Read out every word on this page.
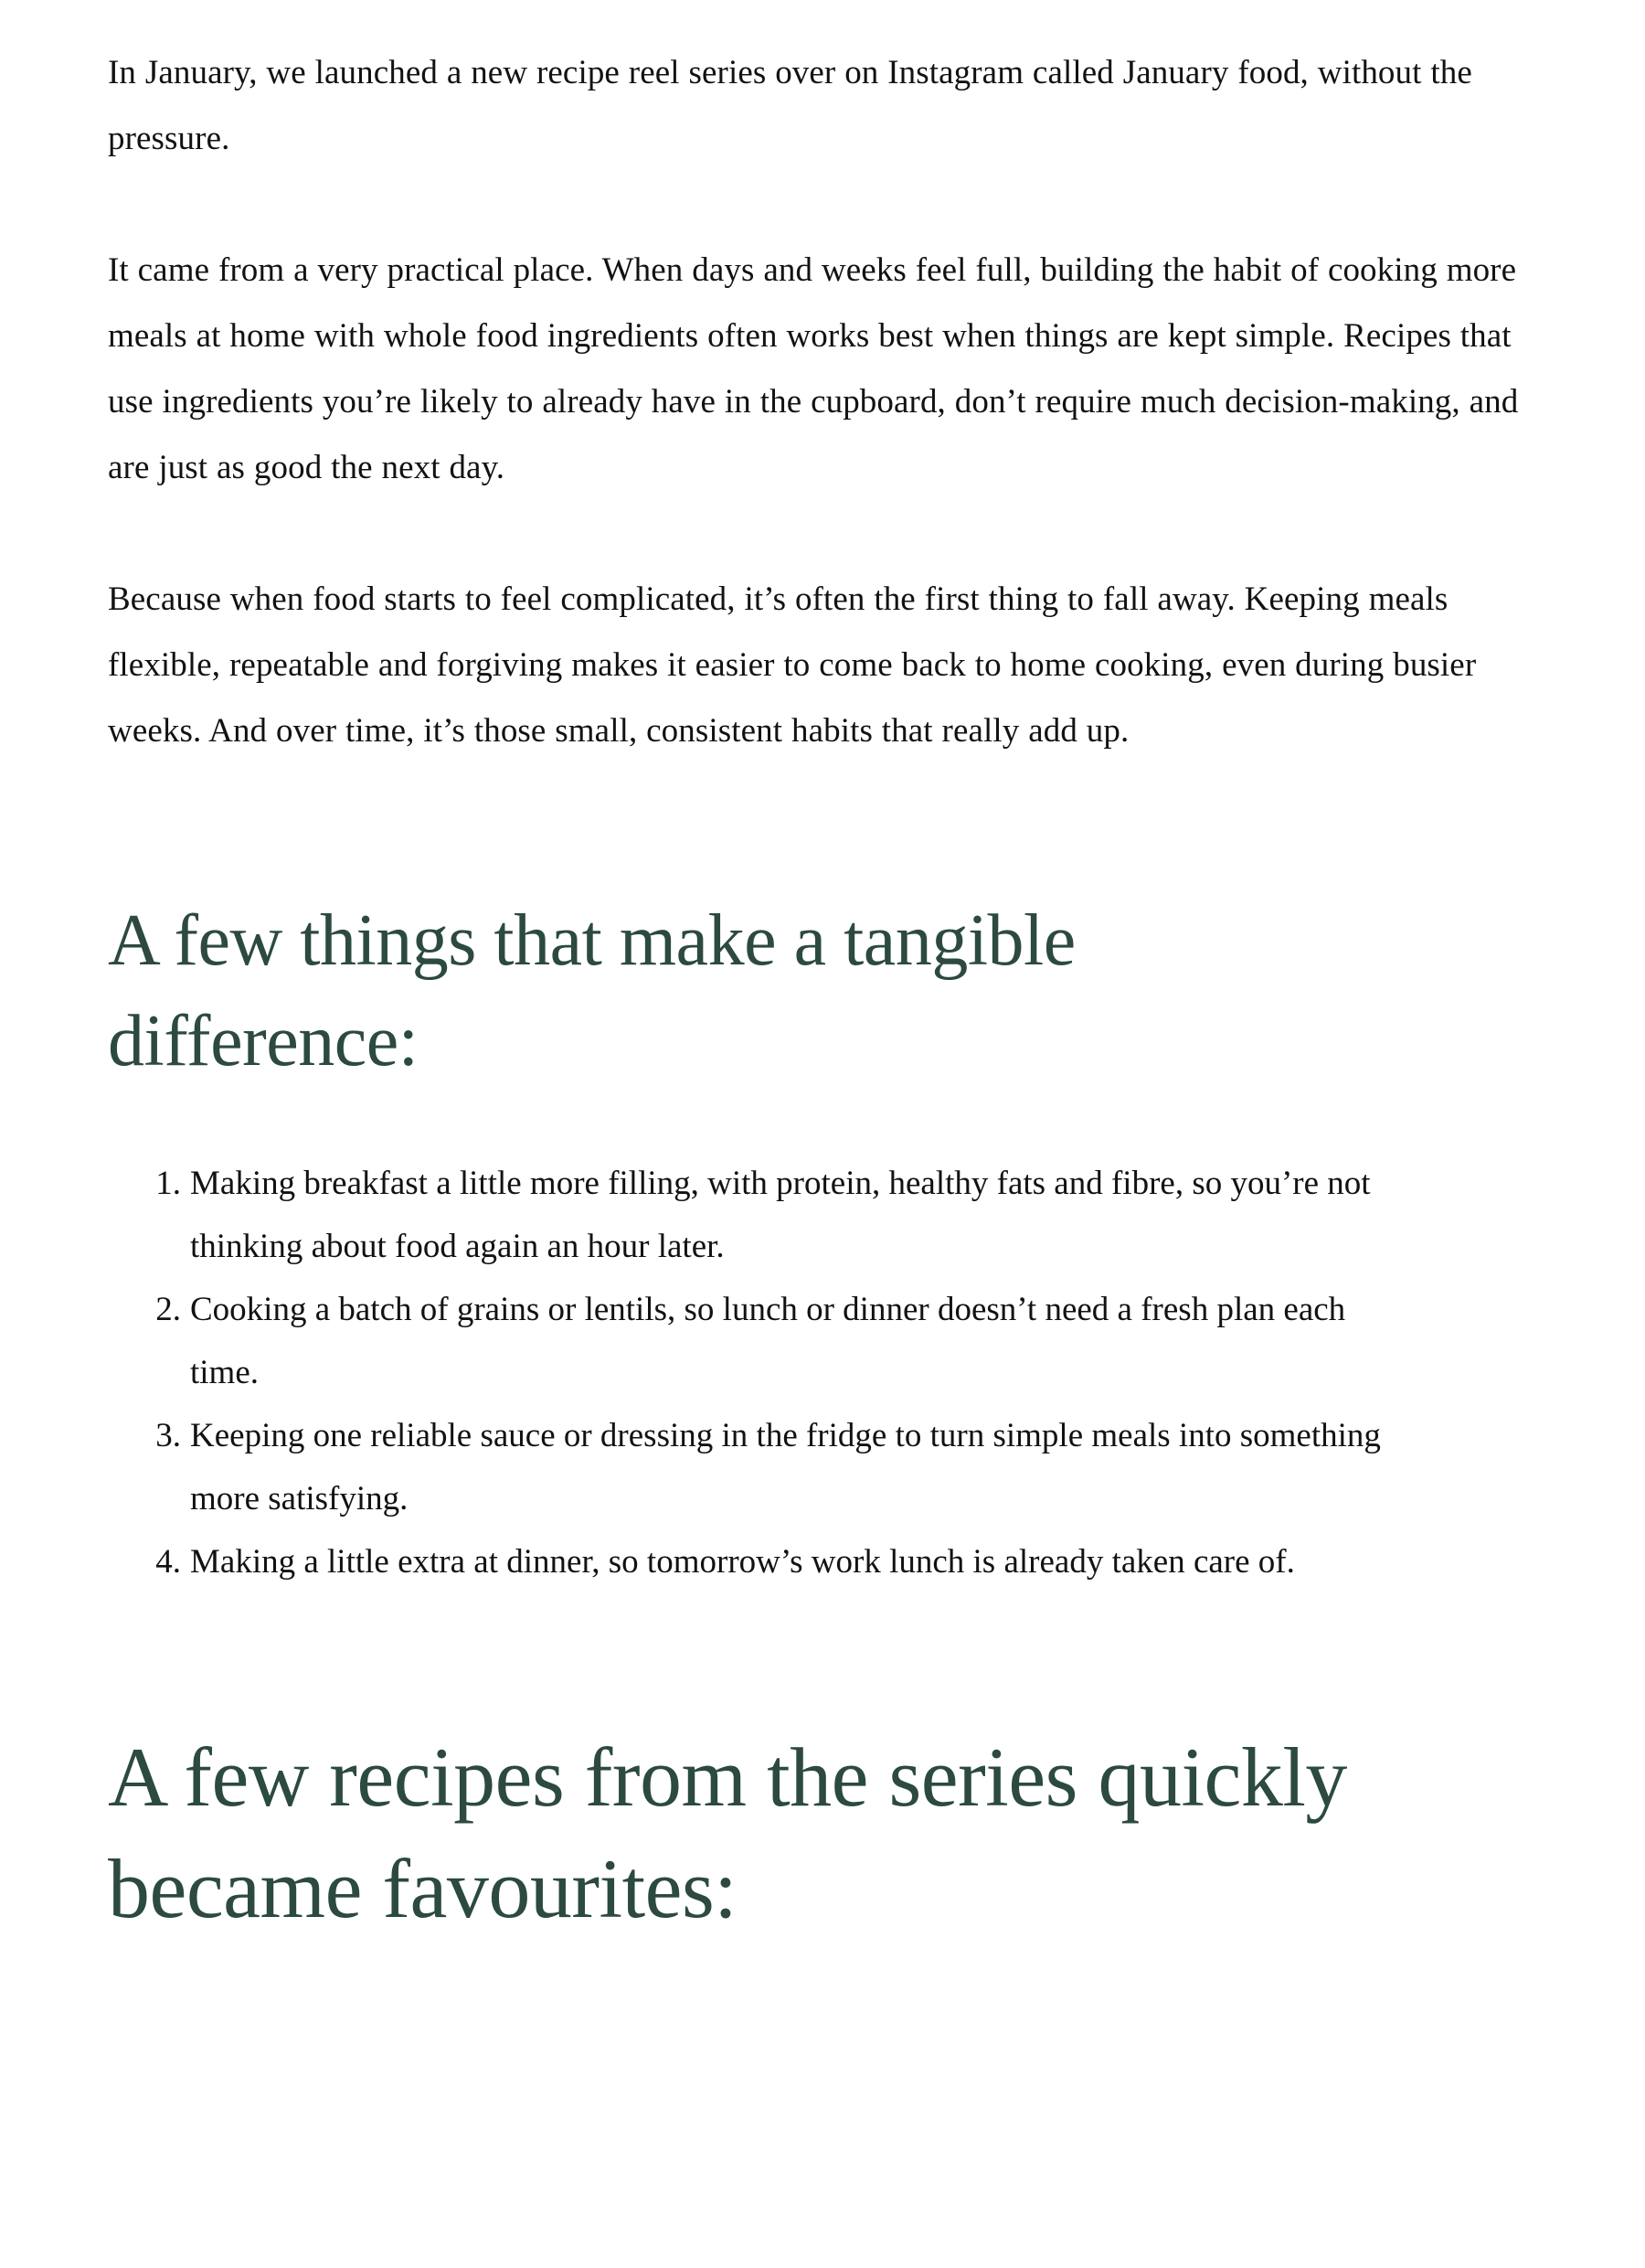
In January, we launched a new recipe reel series over on Instagram called January food, without the pressure.

It came from a very practical place. When days and weeks feel full, building the habit of cooking more meals at home with whole food ingredients often works best when things are kept simple. Recipes that use ingredients you’re likely to already have in the cupboard, don’t require much decision-making, and are just as good the next day.

Because when food starts to feel complicated, it’s often the first thing to fall away. Keeping meals flexible, repeatable and forgiving makes it easier to come back to home cooking, even during busier weeks. And over time, it’s those small, consistent habits that really add up.

A few things that make a tangible difference:
1. Making breakfast a little more filling, with protein, healthy fats and fibre, so you’re not thinking about food again an hour later.
2. Cooking a batch of grains or lentils, so lunch or dinner doesn’t need a fresh plan each time.
3. Keeping one reliable sauce or dressing in the fridge to turn simple meals into something more satisfying.
4. Making a little extra at dinner, so tomorrow’s work lunch is already taken care of.
A few recipes from the series quickly became favourites:
